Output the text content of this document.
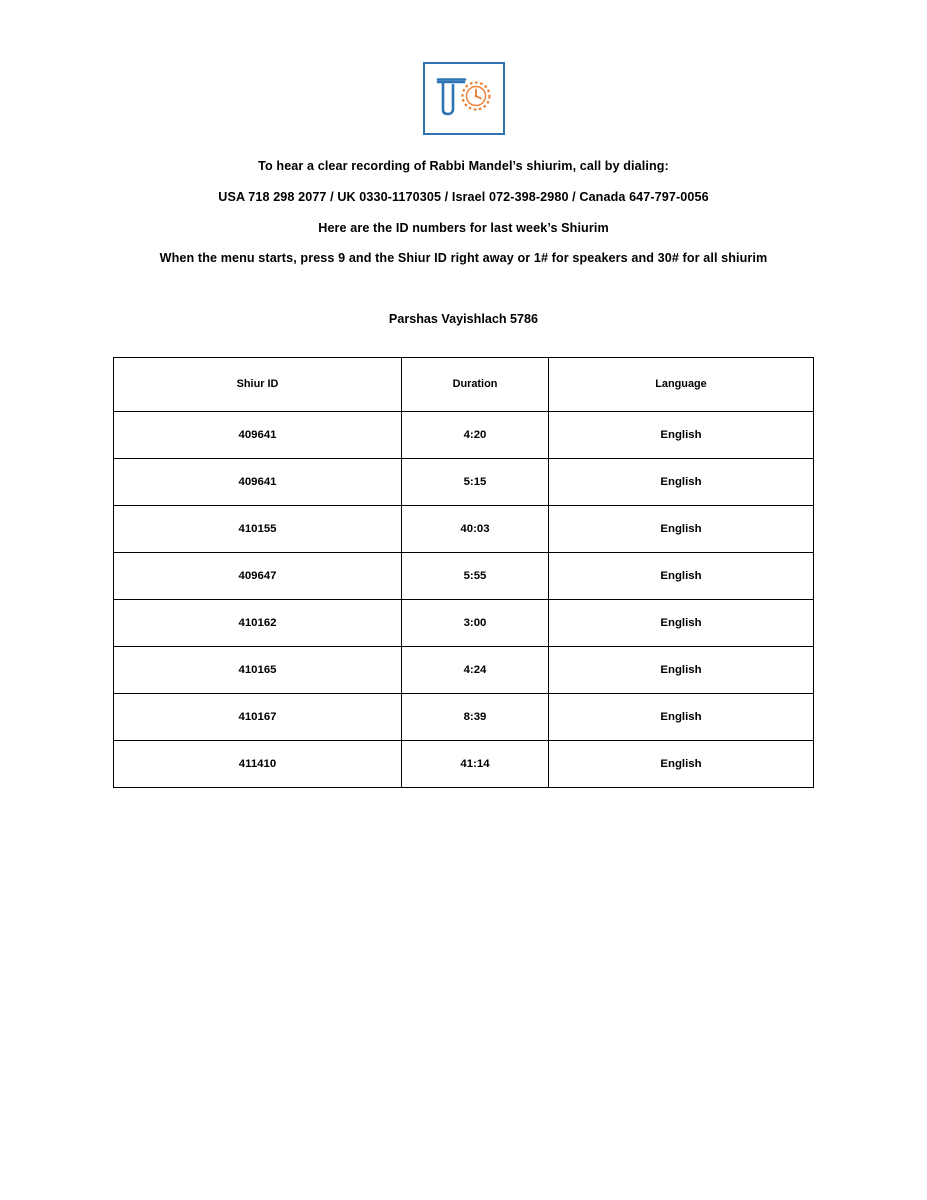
To hear a clear recording of Rabbi Mandel’s shiurim, call by dialing:

USA 718 298 2077 / UK 0330-1170305 / Israel 072-398-2980 / Canada 647-797-0056

Here are the ID numbers for last week’s Shiurim

When the menu starts, press 9 and the Shiur ID right away or 1# for speakers and 30# for all shiurim

Parshas Vayishlach 5786

Shiur ID	Duration	Language
409641	4:20	English
409641	5:15	English
410155	40:03	English
409647	5:55	English
410162	3:00	English
410165	4:24	English
410167	8:39	English
411410	41:14	English
